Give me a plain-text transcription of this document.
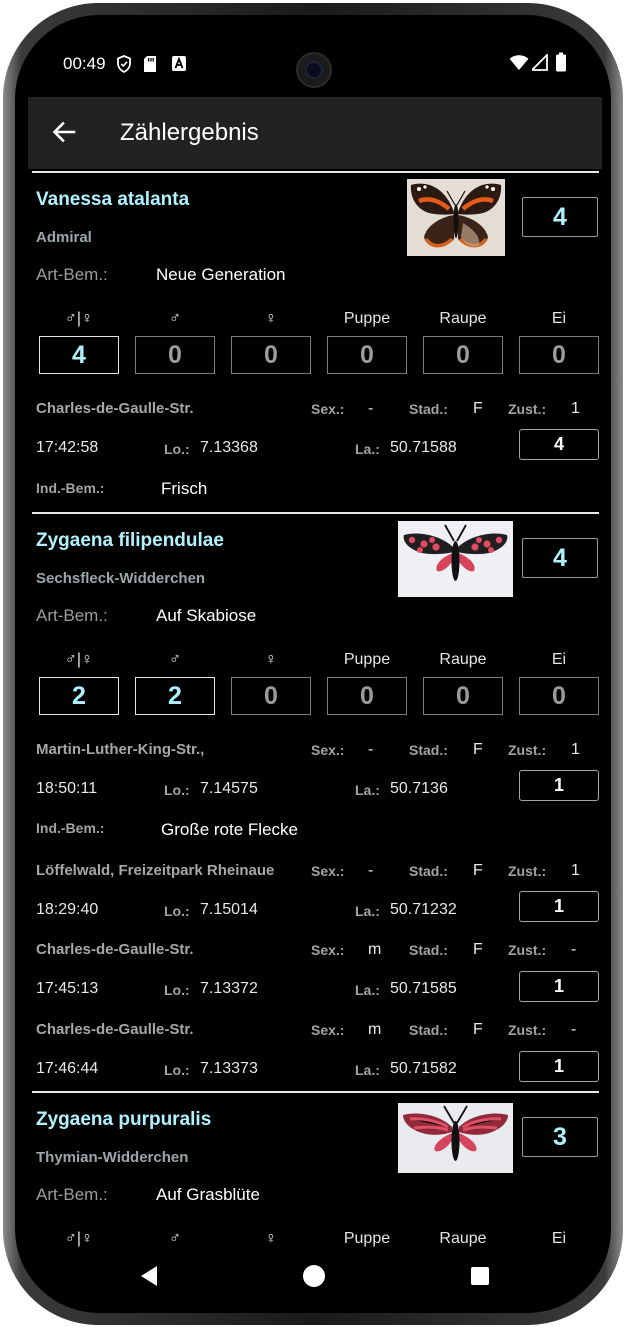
00:49
Zählergebnis
Vanessa atalanta
Admiral
4
Art-Bem.:	Neue Generation
♂|♀	♂	♀	Puppe	Raupe	Ei
4	0	0	0	0	0
Charles-de-Gaulle-Str.	Sex.: -	Stad.: F Zust.: 1
17:42:58	Lo.: 7.13368	La.: 50.71588	4
Ind.-Bem.:	Frisch
Zygaena filipendulae
Sechsfleck-Widderchen
4
Art-Bem.:	Auf Skabiose
♂|♀	♂	♀	Puppe	Raupe	Ei
2	2	0	0	0	0
Martin-Luther-King-Str.,	Sex.: -	Stad.: F Zust.: 1
18:50:11	Lo.: 7.14575	La.: 50.7136	1
Ind.-Bem.:	Große rote Flecke
Löffelwald, Freizeitpark Rheinaue	Sex.: -	Stad.: F Zust.: 1
18:29:40	Lo.: 7.15014	La.: 50.71232	1
Charles-de-Gaulle-Str.	Sex.: m Stad.: F Zust.: -
17:45:13	Lo.: 7.13372	La.: 50.71585	1
Charles-de-Gaulle-Str.	Sex.: m Stad.: F Zust.: -
17:46:44	Lo.: 7.13373	La.: 50.71582	1
Zygaena purpuralis
Thymian-Widderchen
3
Art-Bem.:	Auf Grasblüte
♂|♀	♂	♀	Puppe	Raupe	Ei
